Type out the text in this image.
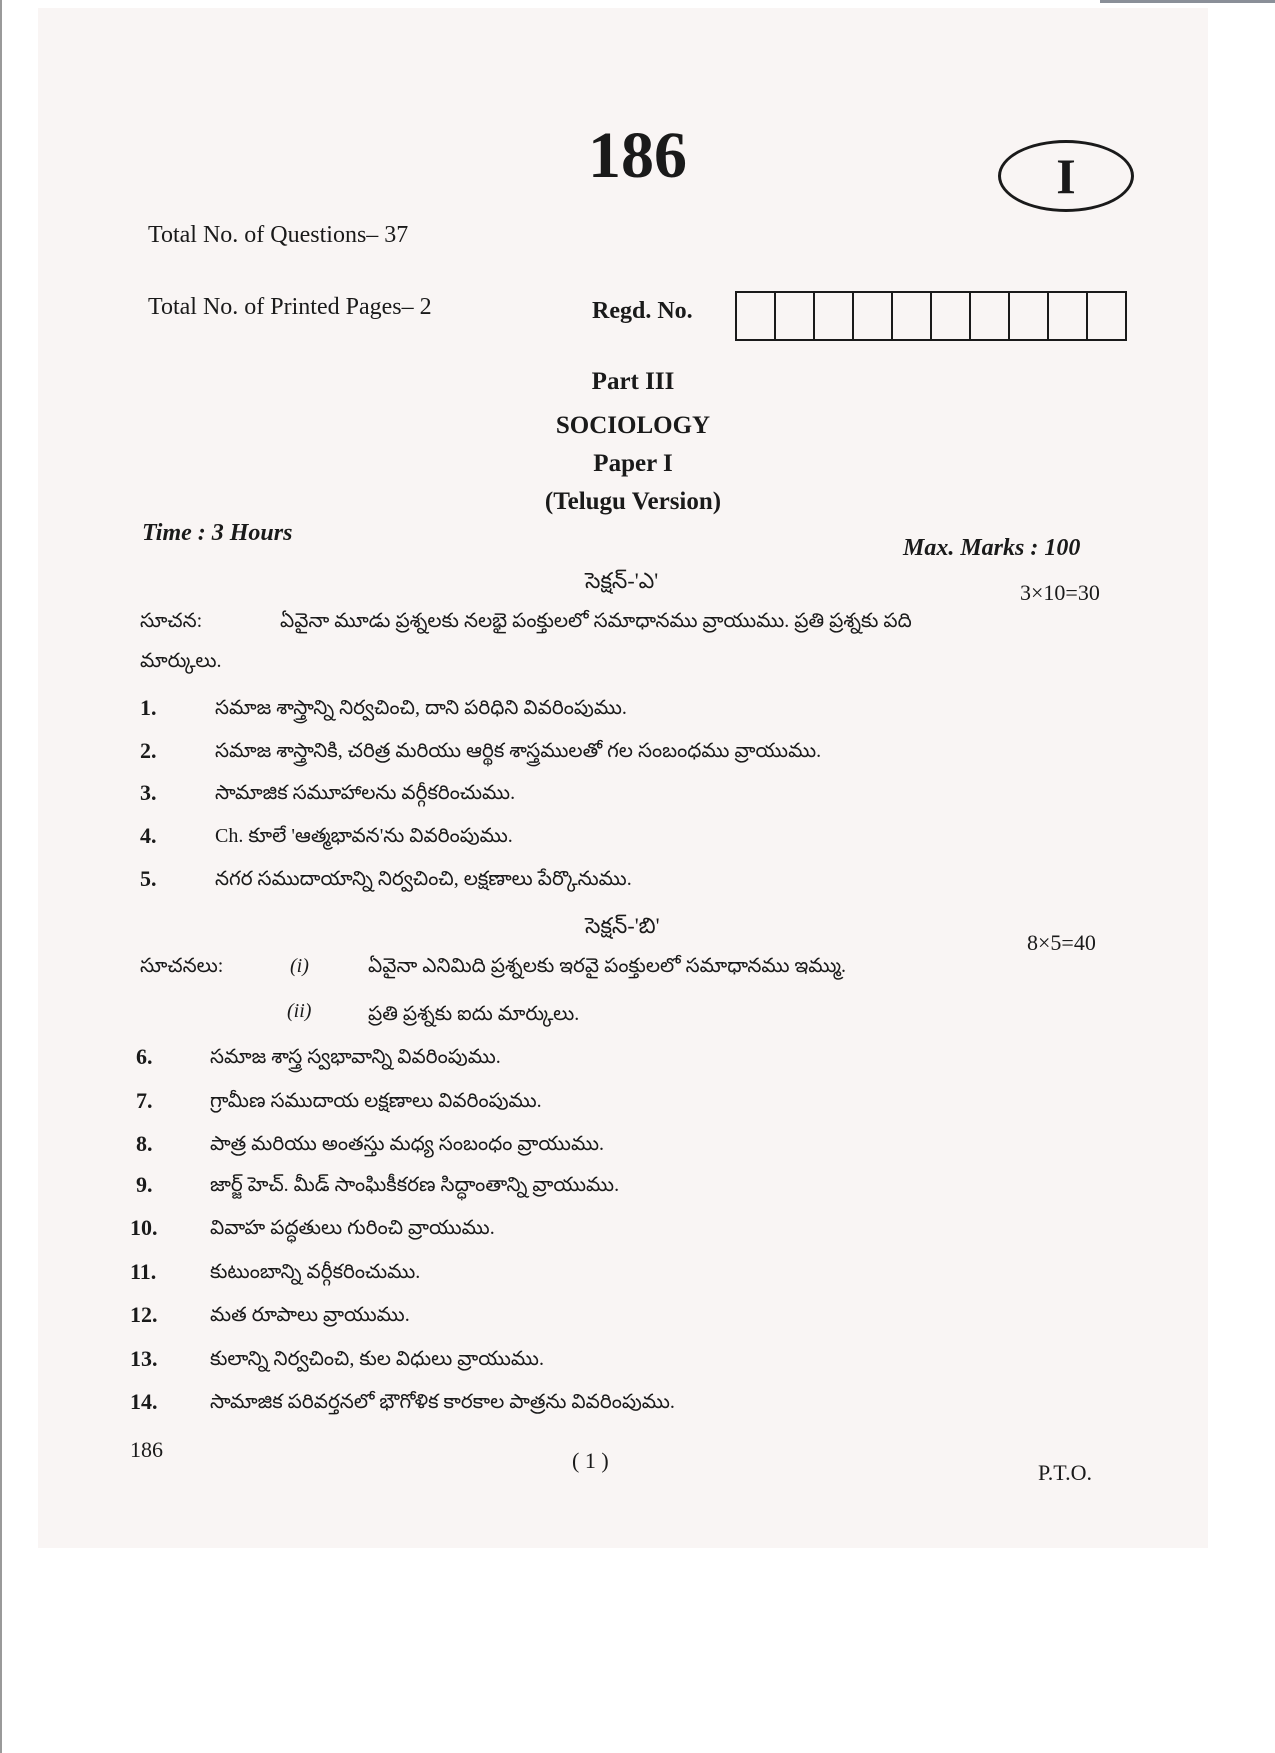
186	I
Total No. of Questions– 37
Total No. of Printed Pages– 2	Regd. No.
Part III
SOCIOLOGY
Paper I
(Telugu Version)
Time : 3 Hours
Max. Marks : 100
సెక్షన్-'ఎ'	3×10=30
సూచన:	ఏవైనా మూడు ప్రశ్నలకు నలభై పంక్తులలో సమాధానము వ్రాయుము. ప్రతి ప్రశ్నకు పది
మార్కులు.
1.	సమాజ శాస్త్రాన్ని నిర్వచించి, దాని పరిధిని వివరింపుము.
2.	సమాజ శాస్త్రానికి, చరిత్ర మరియు ఆర్థిక శాస్త్రములతో గల సంబంధము వ్రాయుము.
3.	సామాజిక సమూహాలను వర్గీకరించుము.
4.	Ch. కూలే 'ఆత్మభావన'ను వివరింపుము.
5.	నగర సముదాయాన్ని నిర్వచించి, లక్షణాలు పేర్కొనుము.
సెక్షన్-'బి'
8×5=40
సూచనలు:	(i)	ఏవైనా ఎనిమిది ప్రశ్నలకు ఇరవై పంక్తులలో సమాధానము ఇమ్ము.
(ii)	ప్రతి ప్రశ్నకు ఐదు మార్కులు.
6.	సమాజ శాస్త్ర స్వభావాన్ని వివరింపుము.
7.	గ్రామీణ సముదాయ లక్షణాలు వివరింపుము.
8.	పాత్ర మరియు అంతస్తు మధ్య సంబంధం వ్రాయుము.
9.	జార్జ్ హెచ్. మీడ్ సాంఘికీకరణ సిద్ధాంతాన్ని వ్రాయుము.
10.	వివాహ పద్ధతులు గురించి వ్రాయుము.
11.	కుటుంబాన్ని వర్గీకరించుము.
12.	మత రూపాలు వ్రాయుము.
13.	కులాన్ని నిర్వచించి, కుల విధులు వ్రాయుము.
14.	సామాజిక పరివర్తనలో భౌగోళిక కారకాల పాత్రను వివరింపుము.
186	( 1 )	P.T.O.
